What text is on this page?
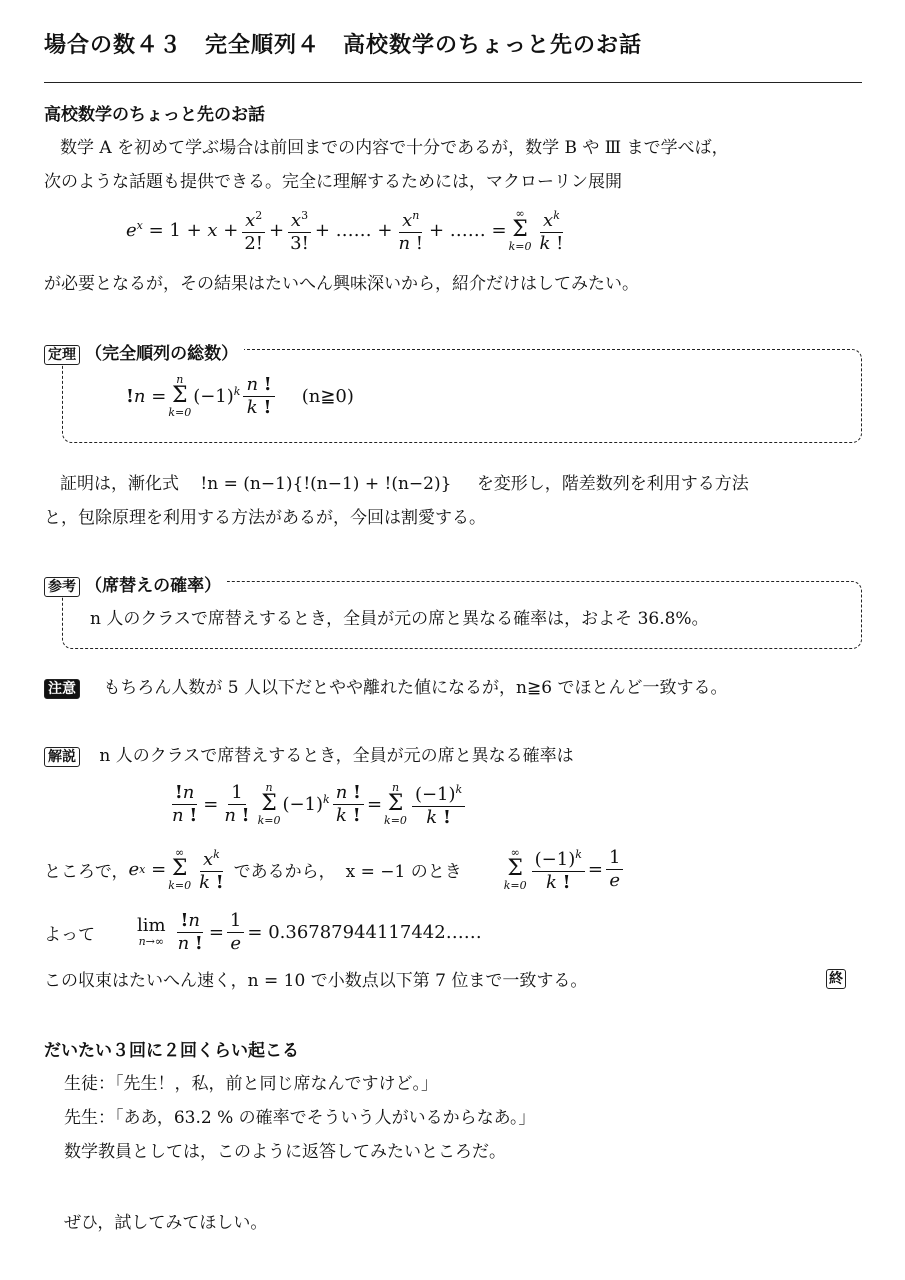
場合の数４３　完全順列４　高校数学のちょっと先のお話
高校数学のちょっと先のお話
数学 A を初めて学ぶ場合は前回までの内容で十分であるが，数学 B や Ⅲ まで学べば，
次のような話題も提供できる。完全に理解するためには，マクローリン展開
$e^x = 1 + x + \frac{x^2}{2!} + \frac{x^3}{3!}$ + …… + $\frac{x^n}{n !}$ + …… =
∞
Σ
$k=0 \frac{x^k}{k !}$
が必要となるが，その結果はたいへん興味深いから，紹介だけはしてみたい。
定理 （完全順列の総数）
!n =
n
Σ
k=0
$(-1)^k \frac{n !}{k !}$ (n≧0)
証明は，漸化式 !n = (n−1){!(n−1) + !(n−2)} を変形し，階差数列を利用する方法
と，包除原理を利用する方法があるが，今回は割愛する。
参考 （席替えの確率）
n 人のクラスで席替えするとき，全員が元の席と異なる確率は，およそ 36.8%。
注意 もちろん人数が 5 人以下だとやや離れた値になるが，n≧6 でほとんど一致する。
解説 n 人のクラスで席替えするとき，全員が元の席と異なる確率は
$\frac{!n}{n !} = \frac{1}{n !}$ n
Σ
k=0
$(-1)^k \frac{n !}{k !}$ =
n
Σ
$k=0 \frac{(-1)^k}{k !}$
ところで， e x =
∞
Σ
$k=0 \frac{x^k}{k !}$ であるから， x = −1 のとき
∞
Σ
$k=0 \frac{(-1)^k}{k !} = \frac{1}{e}$
よって lim
$n\to\infty \frac{!n}{n !} = \frac{1}{e}$ = 0.36787944117442……
この収束はたいへん速く，n = 10 で小数点以下第 7 位まで一致する。	終
だいたい３回に２回くらい起こる
生徒：「先生！，私，前と同じ席なんですけど。」
先生：「ああ，63.2 % の確率でそういう人がいるからなあ。」
数学教員としては，このように返答してみたいところだ。
ぜひ，試してみてほしい。
